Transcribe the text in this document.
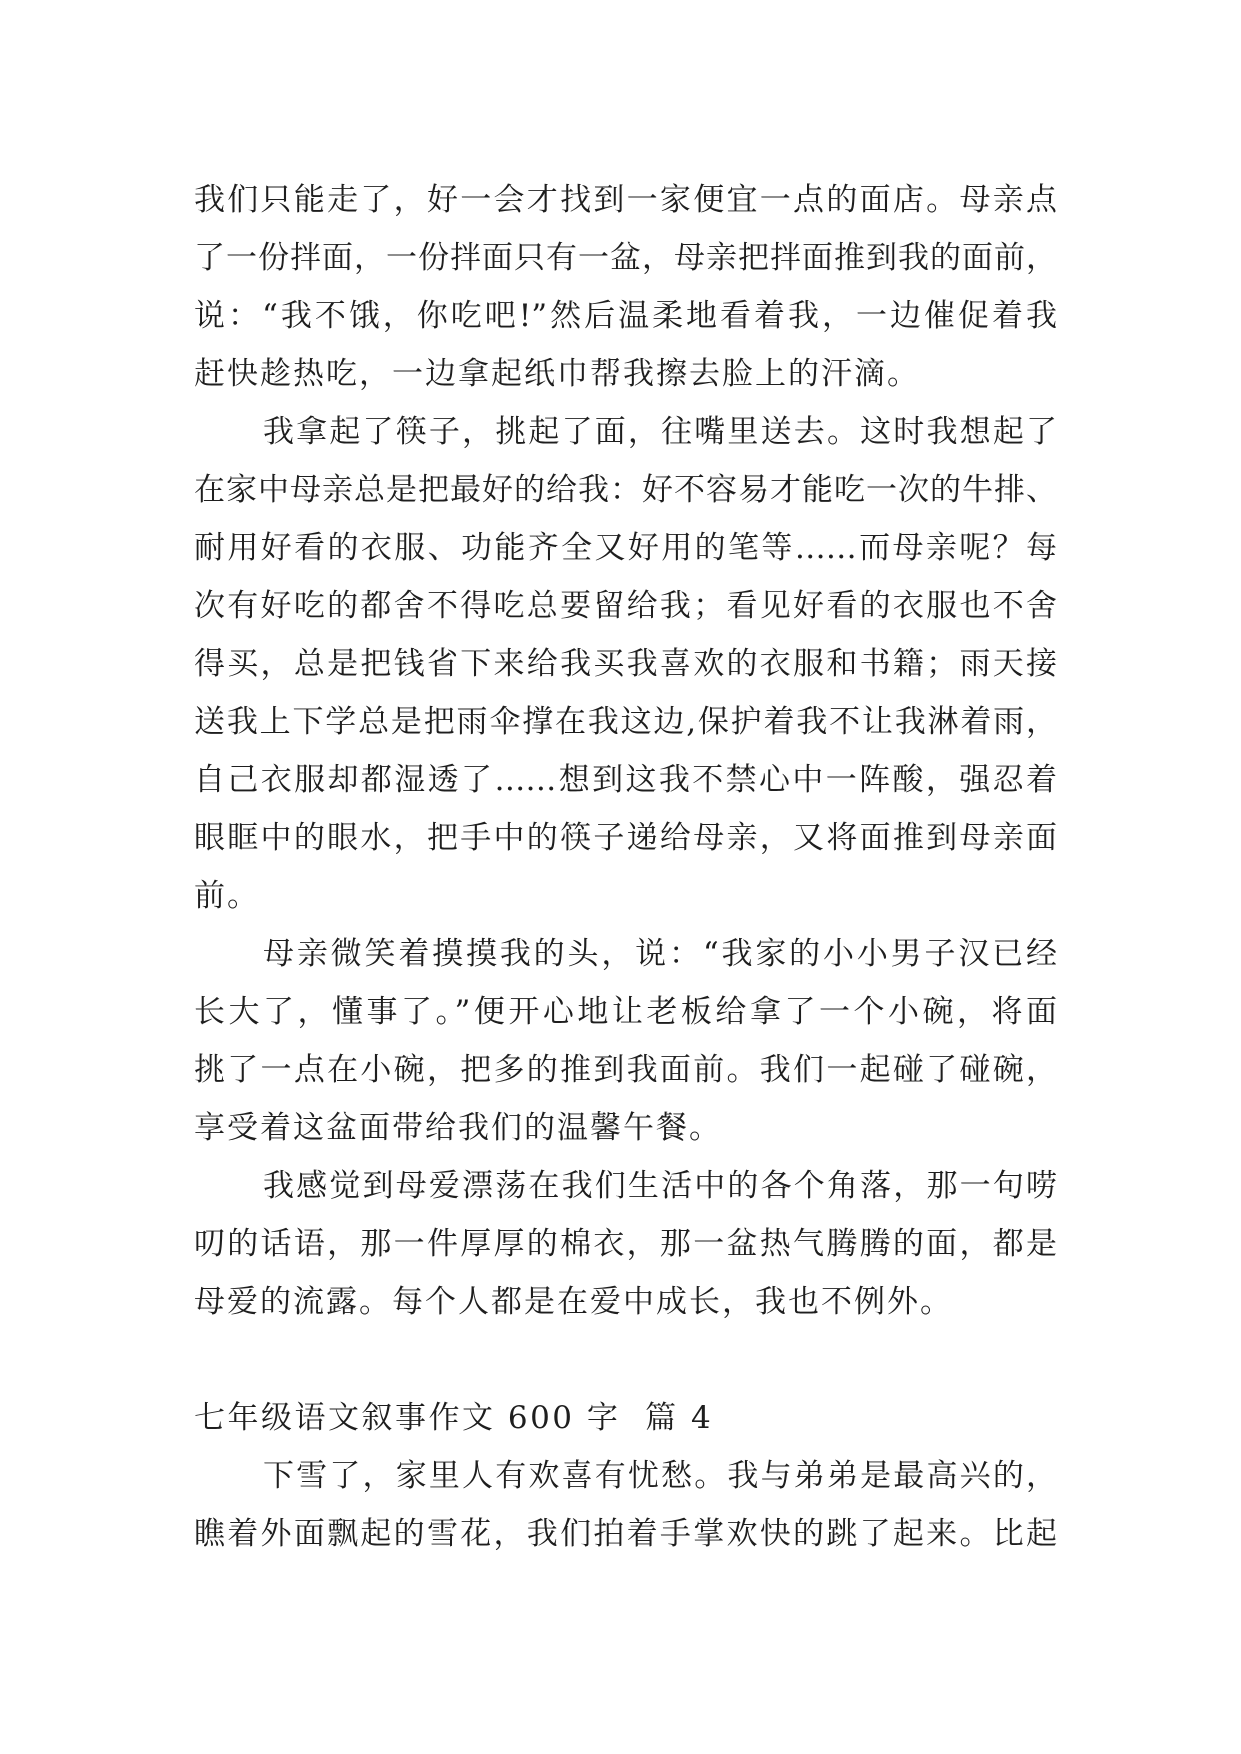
我们只能走了，好一会才找到一家便宜一点的面店。母亲点
了一份拌面，一份拌面只有一盆，母亲把拌面推到我的面前，
说：“我不饿，你吃吧!”然后温柔地看着我，一边催促着我
赶快趁热吃，一边拿起纸巾帮我擦去脸上的汗滴。
我拿起了筷子，挑起了面，往嘴里送去。这时我想起了
在家中母亲总是把最好的给我：好不容易才能吃一次的牛排、
耐用好看的衣服、功能齐全又好用的笔等……而母亲呢？每
次有好吃的都舍不得吃总要留给我；看见好看的衣服也不舍
得买，总是把钱省下来给我买我喜欢的衣服和书籍；雨天接
送我上下学总是把雨伞撑在我这边,保护着我不让我淋着雨，
自己衣服却都湿透了……想到这我不禁心中一阵酸，强忍着
眼眶中的眼水，把手中的筷子递给母亲，又将面推到母亲面
前。
母亲微笑着摸摸我的头，说：“我家的小小男子汉已经
长大了，懂事了。”便开心地让老板给拿了一个小碗，将面
挑了一点在小碗，把多的推到我面前。我们一起碰了碰碗，
享受着这盆面带给我们的温馨午餐。
我感觉到母爱漂荡在我们生活中的各个角落，那一句唠
叨的话语，那一件厚厚的棉衣，那一盆热气腾腾的面，都是
母爱的流露。每个人都是在爱中成长，我也不例外。
七年级语文叙事作文 600 字  篇 4
下雪了，家里人有欢喜有忧愁。我与弟弟是最高兴的，
瞧着外面飘起的雪花，我们拍着手掌欢快的跳了起来。比起
